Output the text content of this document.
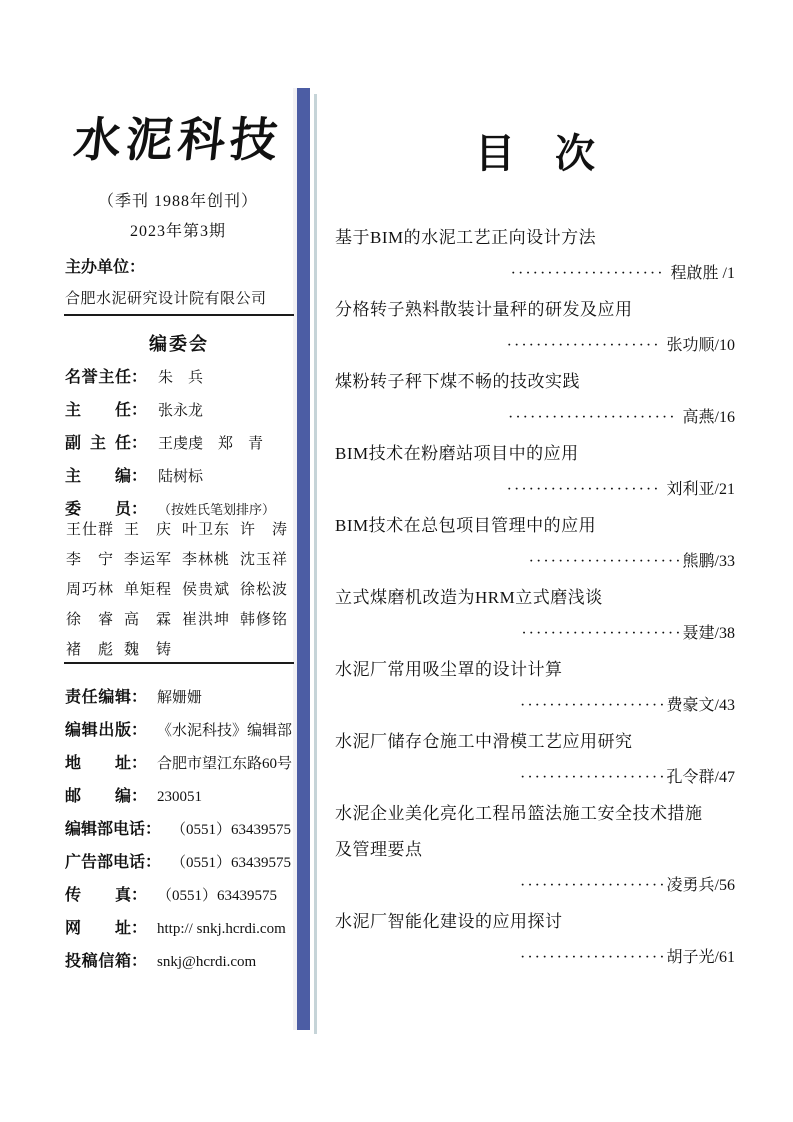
水泥科技
（季刊 1988年创刊）
2023年第3期
主办单位：
合肥水泥研究设计院有限公司
编委会
名誉主任： 朱　兵
主任： 张永龙
副主任： 王虔虔　郑　青
主编： 陆树标
委员： （按姓氏笔划排序）
王仕群 王庆 叶卫东 许涛
李宁 李运军 李林桃 沈玉祥
周巧林 单矩程 侯贵斌 徐松波
徐睿 高霖 崔洪坤 韩修铭
褚彪 魏铸
责任编辑： 解姗姗
编辑出版： 《水泥科技》编辑部
地址： 合肥市望江东路60号
邮编： 230051
编辑部电话： （0551）63439575
广告部电话： （0551）63439575
传真： （0551）63439575
网址： http:// snkj.hcrdi.com
投稿信箱： snkj@hcrdi.com
目　次
基于BIM的水泥工艺正向设计方法
····················· 程啟胜 /1
分格转子熟料散装计量秤的研发及应用
····················· 张功顺/10
煤粉转子秤下煤不畅的技改实践
······················· 高燕/16
BIM技术在粉磨站项目中的应用
····················· 刘利亚/21
BIM技术在总包项目管理中的应用
·····················熊鹏/33
立式煤磨机改造为HRM立式磨浅谈
······················聂建/38
水泥厂常用吸尘罩的设计计算
····················费豪文/43
水泥厂储存仓施工中滑模工艺应用研究
····················孔令群/47
水泥企业美化亮化工程吊篮法施工安全技术措施
及管理要点
····················凌勇兵/56
水泥厂智能化建设的应用探讨
····················胡子光/61
